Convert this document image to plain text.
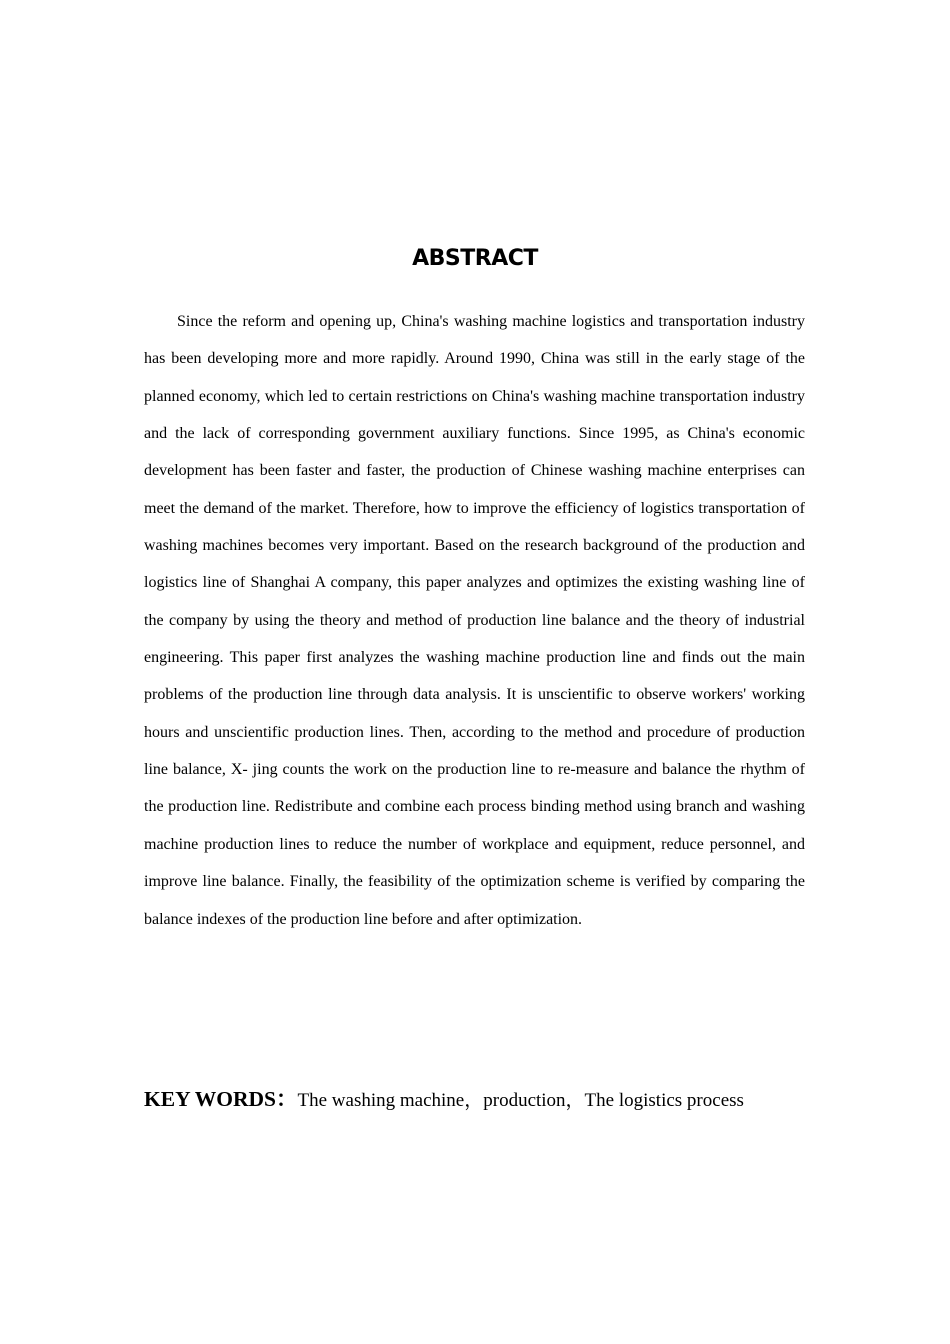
ABSTRACT

Since the reform and opening up, China's washing machine logistics and transportation industry has been developing more and more rapidly. Around 1990, China was still in the early stage of the planned economy, which led to certain restrictions on China's washing machine transportation industry and the lack of corresponding government auxiliary functions. Since 1995, as China's economic development has been faster and faster, the production of Chinese washing machine enterprises can meet the demand of the market. Therefore, how to improve the efficiency of logistics transportation of washing machines becomes very important. Based on the research background of the production and logistics line of Shanghai A company, this paper analyzes and optimizes the existing washing line of the company by using the theory and method of production line balance and the theory of industrial engineering. This paper first analyzes the washing machine production line and finds out the main problems of the production line through data analysis. It is unscientific to observe workers' working hours and unscientific production lines. Then, according to the method and procedure of production line balance, X- jing counts the work on the production line to re-measure and balance the rhythm of the production line. Redistribute and combine each process binding method using branch and washing machine production lines to reduce the number of workplace and equipment, reduce personnel, and improve line balance. Finally, the feasibility of the optimization scheme is verified by comparing the balance indexes of the production line before and after optimization.

KEY WORDS：The washing machine，production，The logistics process
